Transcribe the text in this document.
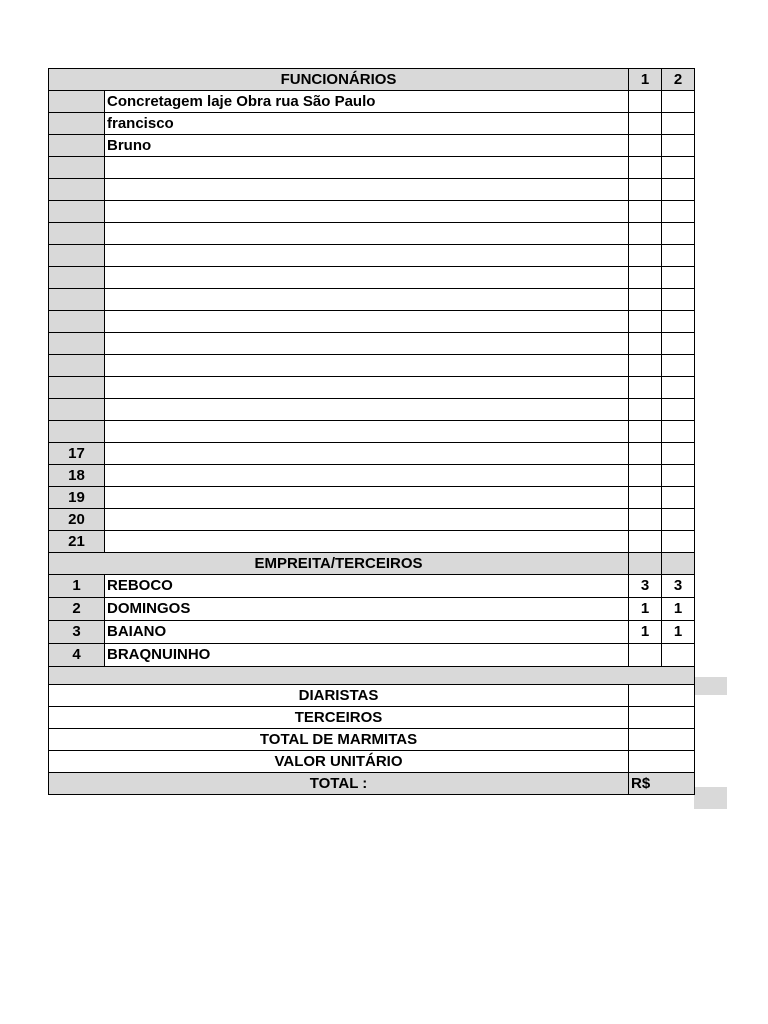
FUNCIONÁRIOS		1	2
	Concretagem laje Obra rua São Paulo		
	francisco		
	Bruno		

17			
18			
19			
20			
21			
EMPREITA/TERCEIROS			
1	REBOCO	3	3
2	DOMINGOS	1	1
3	BAIANO	1	1
4	BRAQNUINHO		

DIARISTAS			
TERCEIROS			
TOTAL DE MARMITAS			
VALOR UNITÁRIO			
TOTAL :		R$	
